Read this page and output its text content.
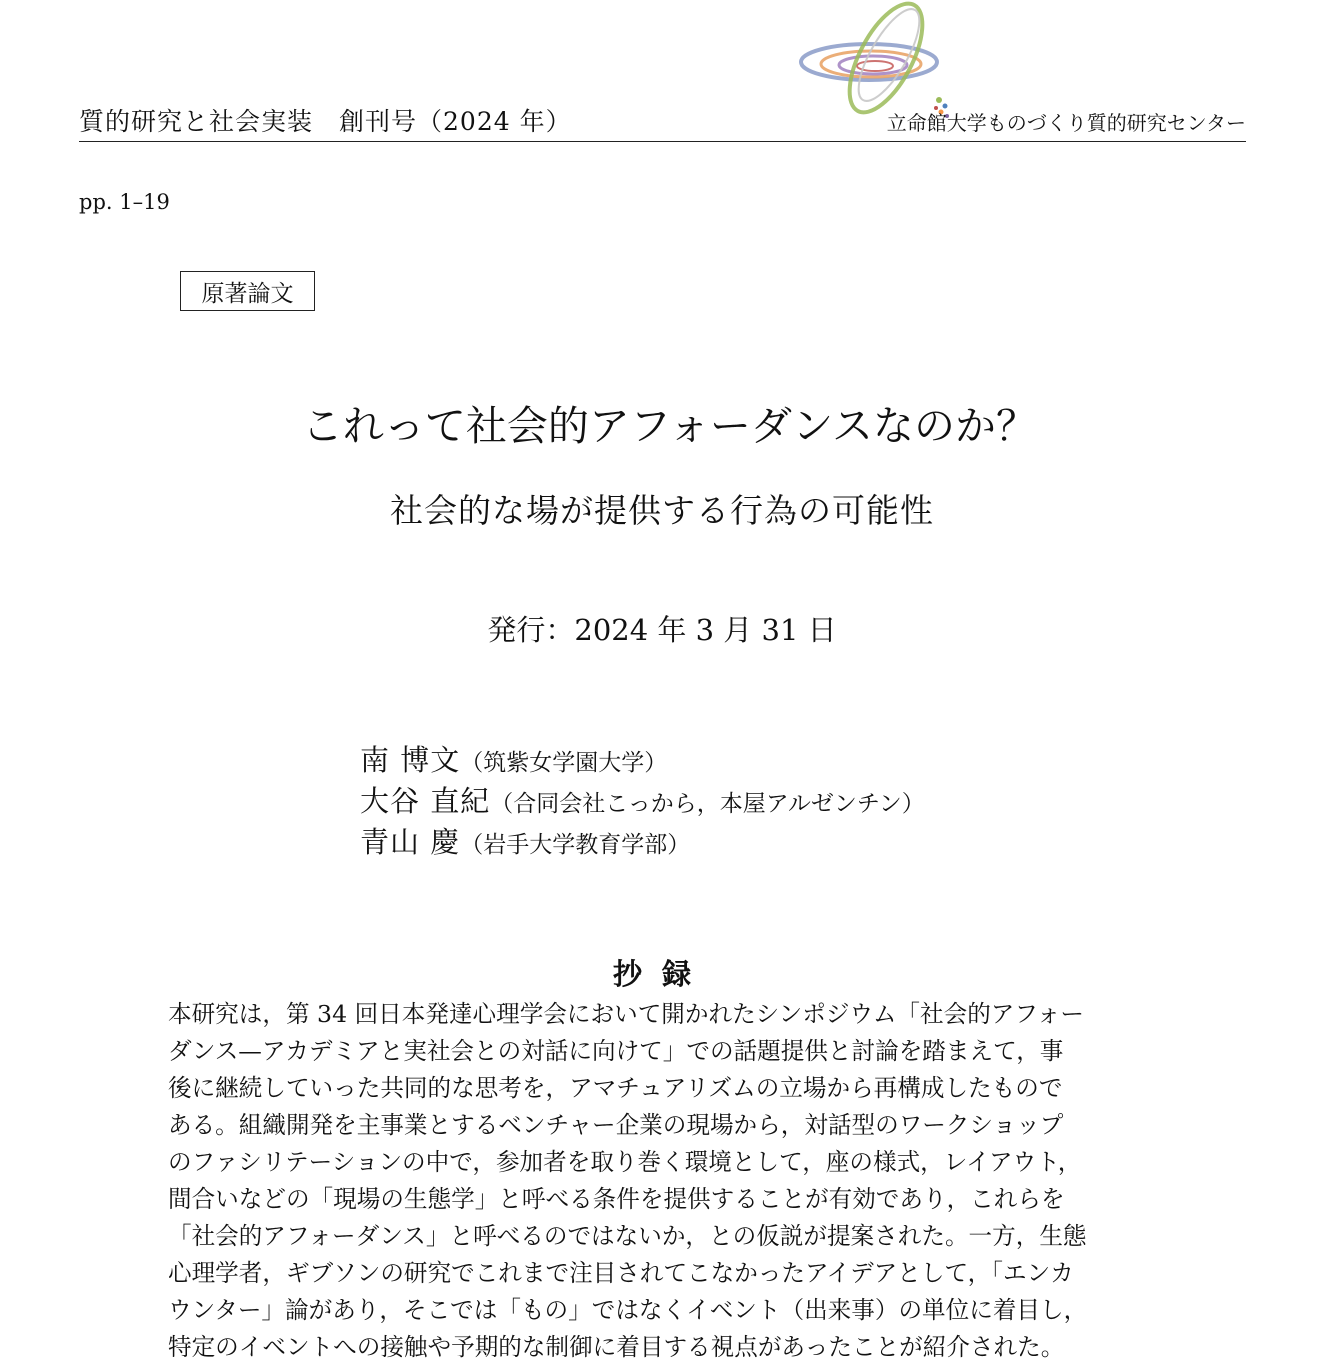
質的研究と社会実装　創刊号（2024 年）	立命館大学ものづくり質的研究センター
pp. 1–19
原著論文
これって社会的アフォーダンスなのか？
社会的な場が提供する行為の可能性
発行：2024 年 3 月 31 日
南 博文（筑紫女学園大学）
大谷 直紀（合同会社こっから，本屋アルゼンチン）
青山 慶（岩手大学教育学部）
抄録
本研究は，第 34 回日本発達心理学会において開かれたシンポジウム「社会的アフォー
ダンス—アカデミアと実社会との対話に向けて」での話題提供と討論を踏まえて，事
後に継続していった共同的な思考を，アマチュアリズムの立場から再構成したもので
ある。組織開発を主事業とするベンチャー企業の現場から，対話型のワークショップ
のファシリテーションの中で，参加者を取り巻く環境として，座の様式，レイアウト，
間合いなどの「現場の生態学」と呼べる条件を提供することが有効であり，これらを
「社会的アフォーダンス」と呼べるのではないか，との仮説が提案された。一方，生態
心理学者，ギブソンの研究でこれまで注目されてこなかったアイデアとして，「エンカ
ウンター」論があり，そこでは「もの」ではなくイベント（出来事）の単位に着目し，
特定のイベントへの接触や予期的な制御に着目する視点があったことが紹介された。
